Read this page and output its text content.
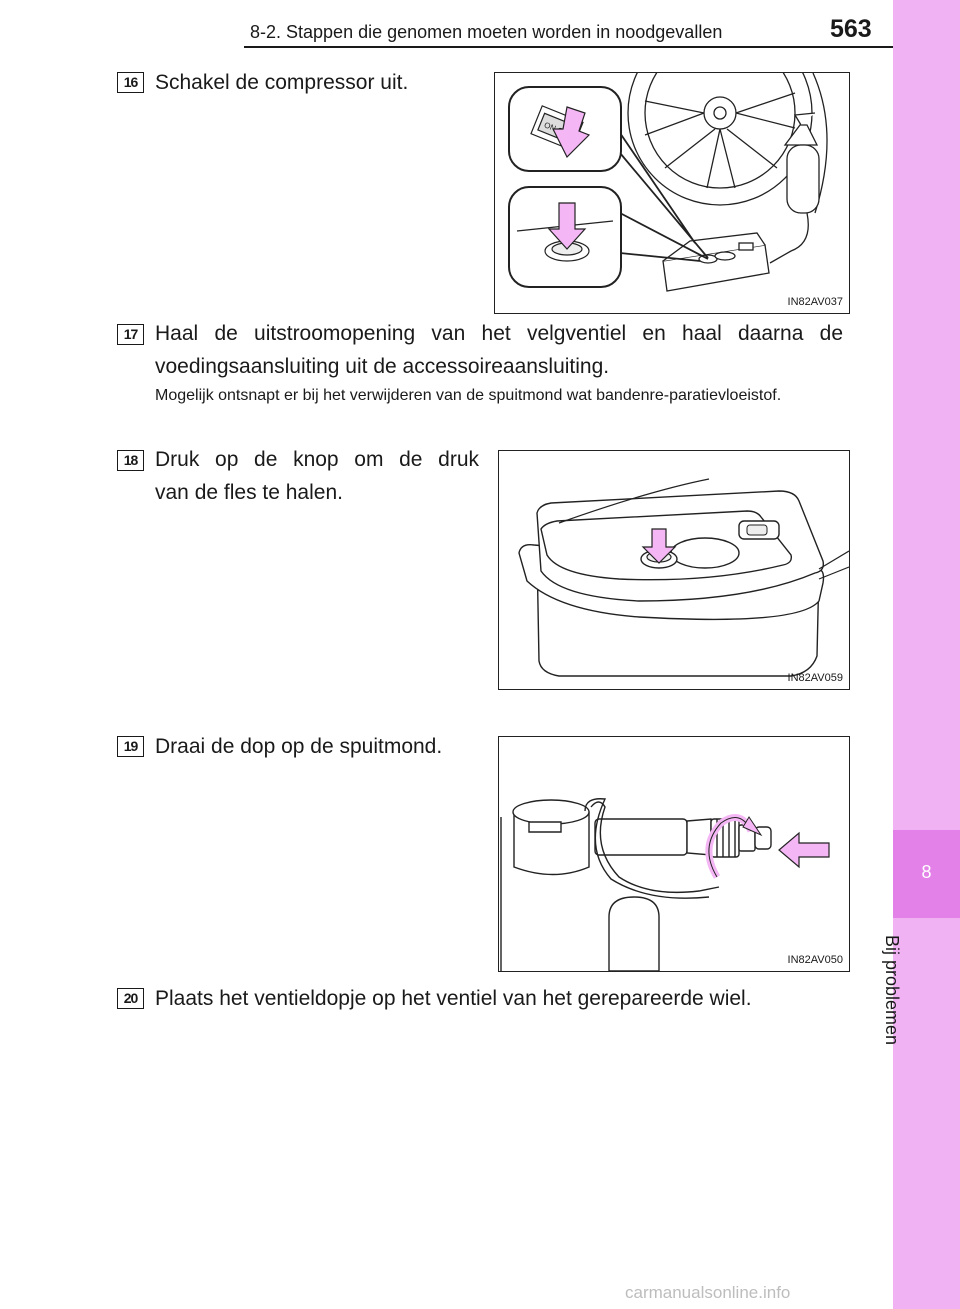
8-2. Stappen die genomen moeten worden in noodgevallen	563
8
Bij problemen
16 Schakel de compressor uit.
ON
IN82AV037
17 Haal de uitstroomopening van het velgventiel en haal daarna de
voedingsaansluiting uit de accessoireaansluiting.
Mogelijk ontsnapt er bij het verwijderen van de spuitmond wat bandenre-paratievloeistof.
18 Druk op de knop om de druk
van de fles te halen.
IN82AV059
19 Draai de dop op de spuitmond.
IN82AV050
20 Plaats het ventieldopje op het ventiel van het gerepareerde wiel.
carmanualsonline.info
